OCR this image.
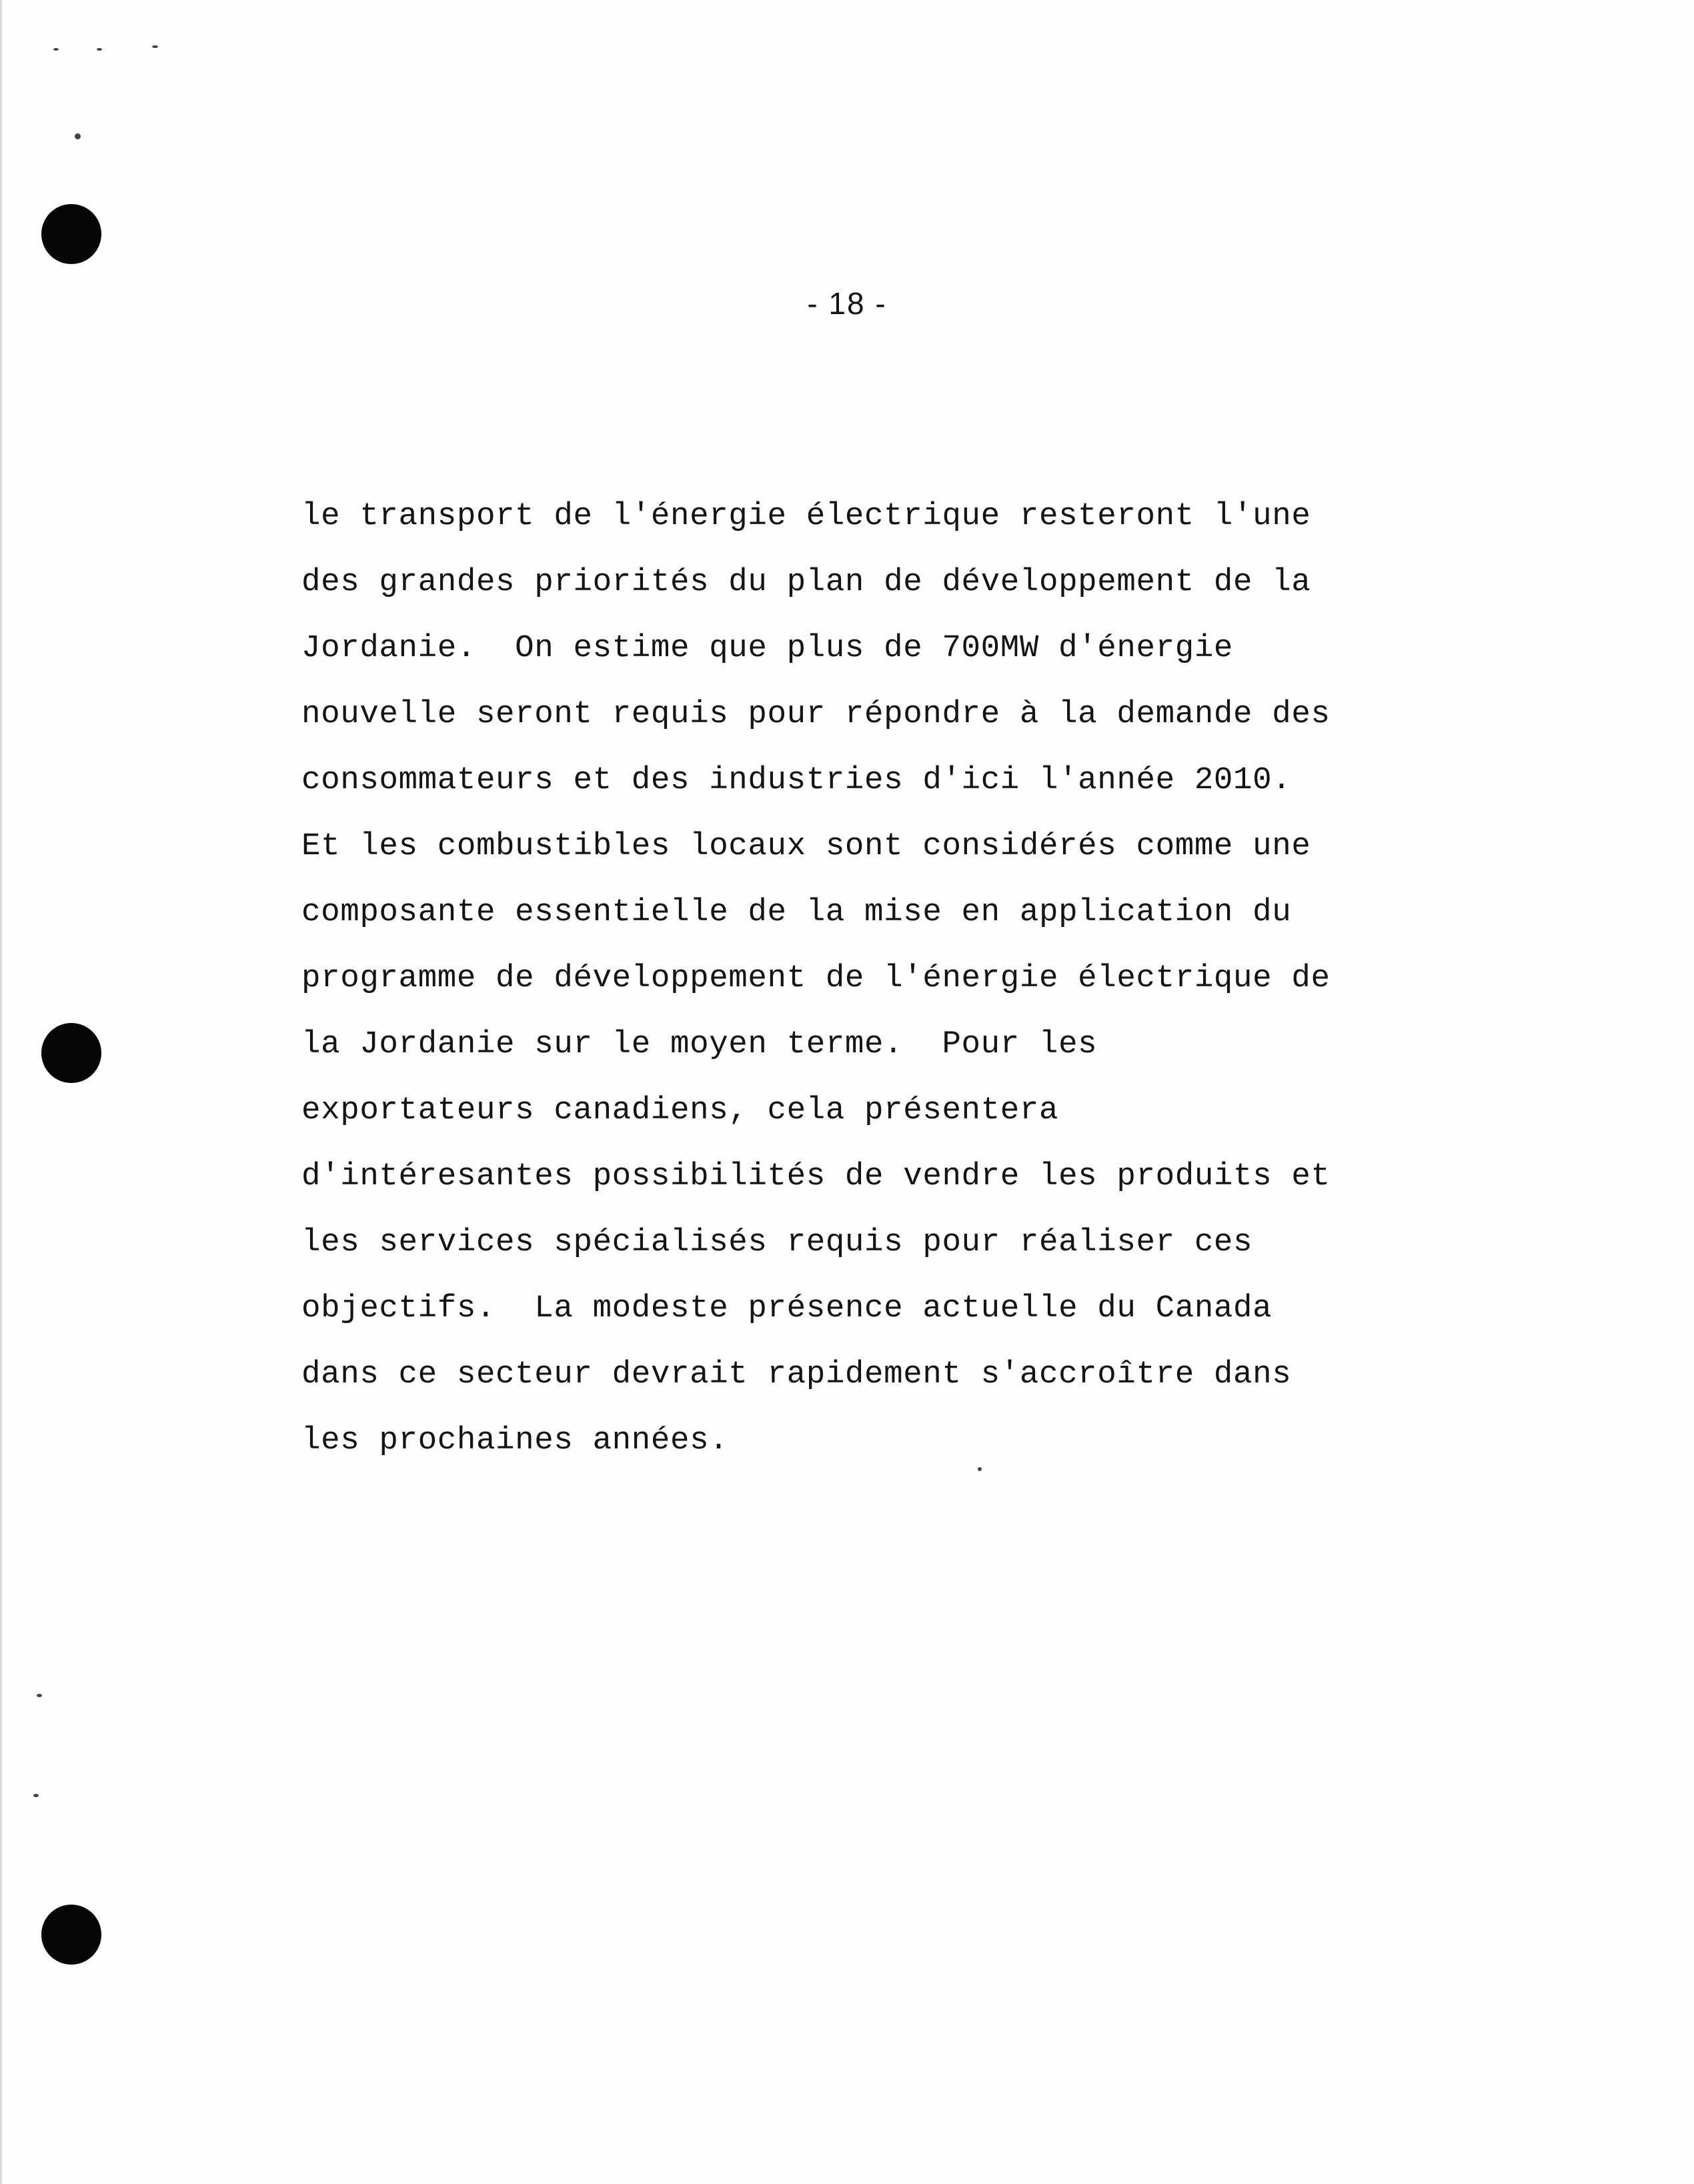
- 18 -
le transport de l'énergie électrique resteront l'une
des grandes priorités du plan de développement de la
Jordanie.  On estime que plus de 700MW d'énergie
nouvelle seront requis pour répondre à la demande des
consommateurs et des industries d'ici l'année 2010.
Et les combustibles locaux sont considérés comme une
composante essentielle de la mise en application du
programme de développement de l'énergie électrique de
la Jordanie sur le moyen terme.  Pour les
exportateurs canadiens, cela présentera
d'intéresantes possibilités de vendre les produits et
les services spécialisés requis pour réaliser ces
objectifs.  La modeste présence actuelle du Canada
dans ce secteur devrait rapidement s'accroître dans
les prochaines années.
